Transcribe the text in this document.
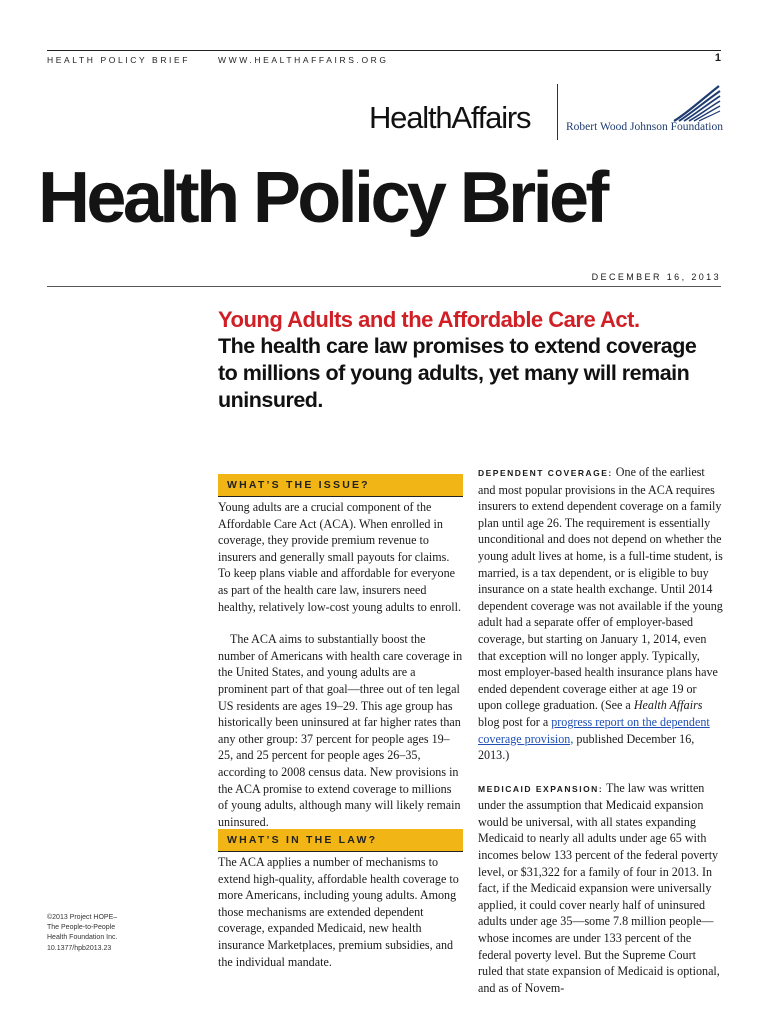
HEALTH POLICY BRIEF	WWW.HEALTHAFFAIRS.ORG	1
HealthAffairs	Robert Wood Johnson Foundation
Health Policy Brief
DECEMBER 16, 2013
Young Adults and the Affordable Care Act.
The health care law promises to extend coverage to millions of young adults, yet many will remain uninsured.
WHAT’S THE ISSUE?

Young adults are a crucial component of the Affordable Care Act (ACA). When enrolled in coverage, they provide premium revenue to insurers and generally small payouts for claims. To keep plans viable and affordable for everyone as part of the health care law, insurers need healthy, relatively low-cost young adults to enroll.

The ACA aims to substantially boost the number of Americans with health care coverage in the United States, and young adults are a prominent part of that goal—three out of ten legal US residents are ages 19–29. This age group has historically been uninsured at far higher rates than any other group: 37 percent for people ages 19–25, and 25 percent for people ages 26–35, according to 2008 census data. New provisions in the ACA promise to extend coverage to millions of young adults, although many will likely remain uninsured.

WHAT’S IN THE LAW?

The ACA applies a number of mechanisms to extend high-quality, affordable health coverage to more Americans, including young adults. Among those mechanisms are extended dependent coverage, expanded Medicaid, new health insurance Marketplaces, premium subsidies, and the individual mandate.

DEPENDENT COVERAGE: One of the earliest and most popular provisions in the ACA requires insurers to extend dependent coverage on a family plan until age 26. The requirement is essentially unconditional and does not depend on whether the young adult lives at home, is a full-time student, is married, is a tax dependent, or is eligible to buy insurance on a state health exchange. Until 2014 dependent coverage was not available if the young adult had a separate offer of employer-based coverage, but starting on January 1, 2014, even that exception will no longer apply. Typically, most employer-based health insurance plans have ended dependent coverage either at age 19 or upon college graduation. (See a Health Affairs blog post for a progress report on the dependent coverage provision, published December 16, 2013.)

MEDICAID EXPANSION: The law was written under the assumption that Medicaid expansion would be universal, with all states expanding Medicaid to nearly all adults under age 65 with incomes below 133 percent of the federal poverty level, or $31,322 for a family of four in 2013. In fact, if the Medicaid expansion were universally applied, it could cover nearly half of uninsured adults under age 35—some 7.8 million people—whose incomes are under 133 percent of the federal poverty level. But the Supreme Court ruled that state expansion of Medicaid is optional, and as of Novem-

©2013 Project HOPE–
The People-to-People
Health Foundation Inc.
10.1377/hpb2013.23
